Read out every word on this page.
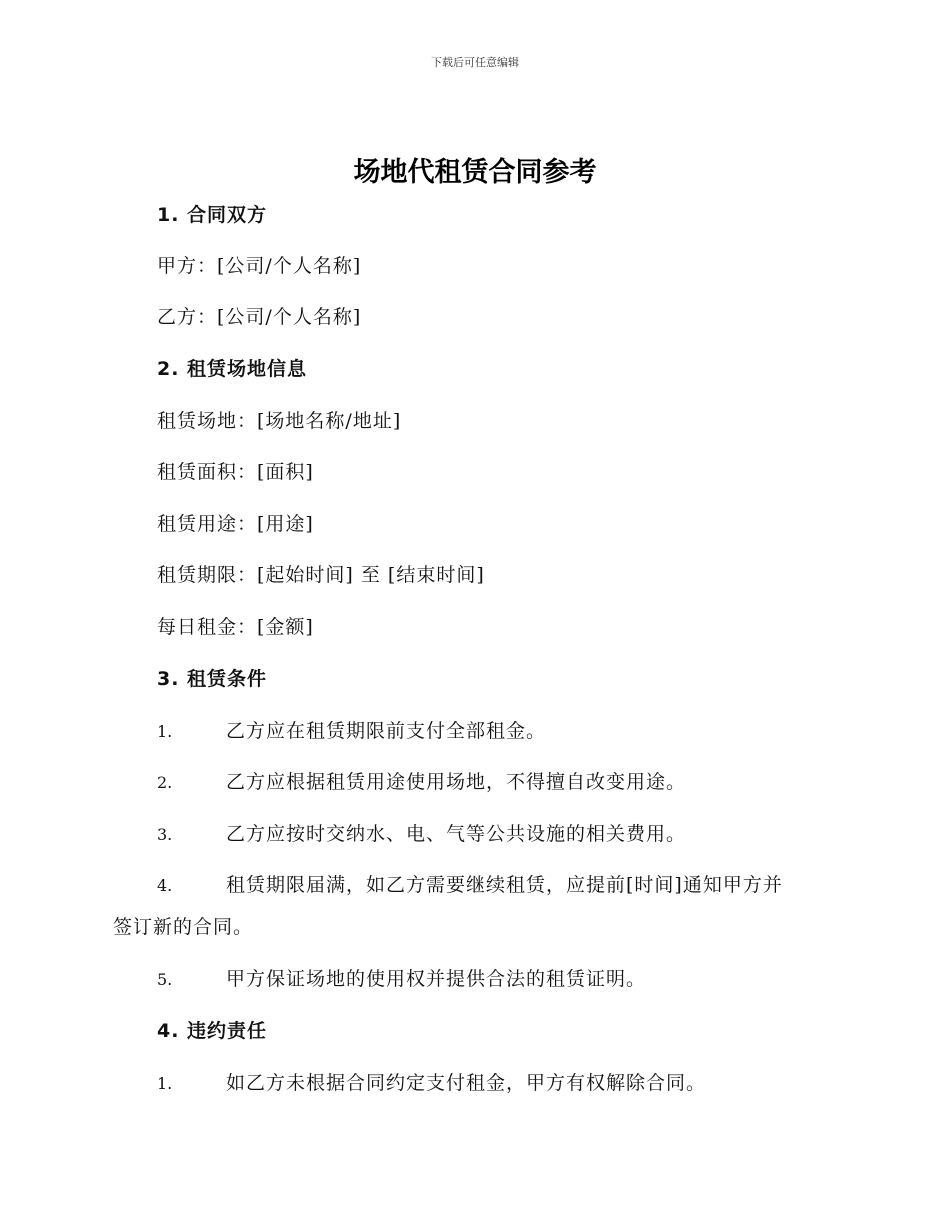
下载后可任意编辑
场地代租赁合同参考
1. 合同双方
甲方：[公司/个人名称]
乙方：[公司/个人名称]
2. 租赁场地信息
租赁场地：[场地名称/地址]
租赁面积：[面积]
租赁用途：[用途]
租赁期限：[起始时间] 至 [结束时间]
每日租金：[金额]
3. 租赁条件
1.	乙方应在租赁期限前支付全部租金。
2.	乙方应根据租赁用途使用场地，不得擅自改变用途。
3.	乙方应按时交纳水、电、气等公共设施的相关费用。
4.	租赁期限届满，如乙方需要继续租赁，应提前[时间]通知甲方并
签订新的合同。
5.	甲方保证场地的使用权并提供合法的租赁证明。
4. 违约责任
1.	如乙方未根据合同约定支付租金，甲方有权解除合同。
